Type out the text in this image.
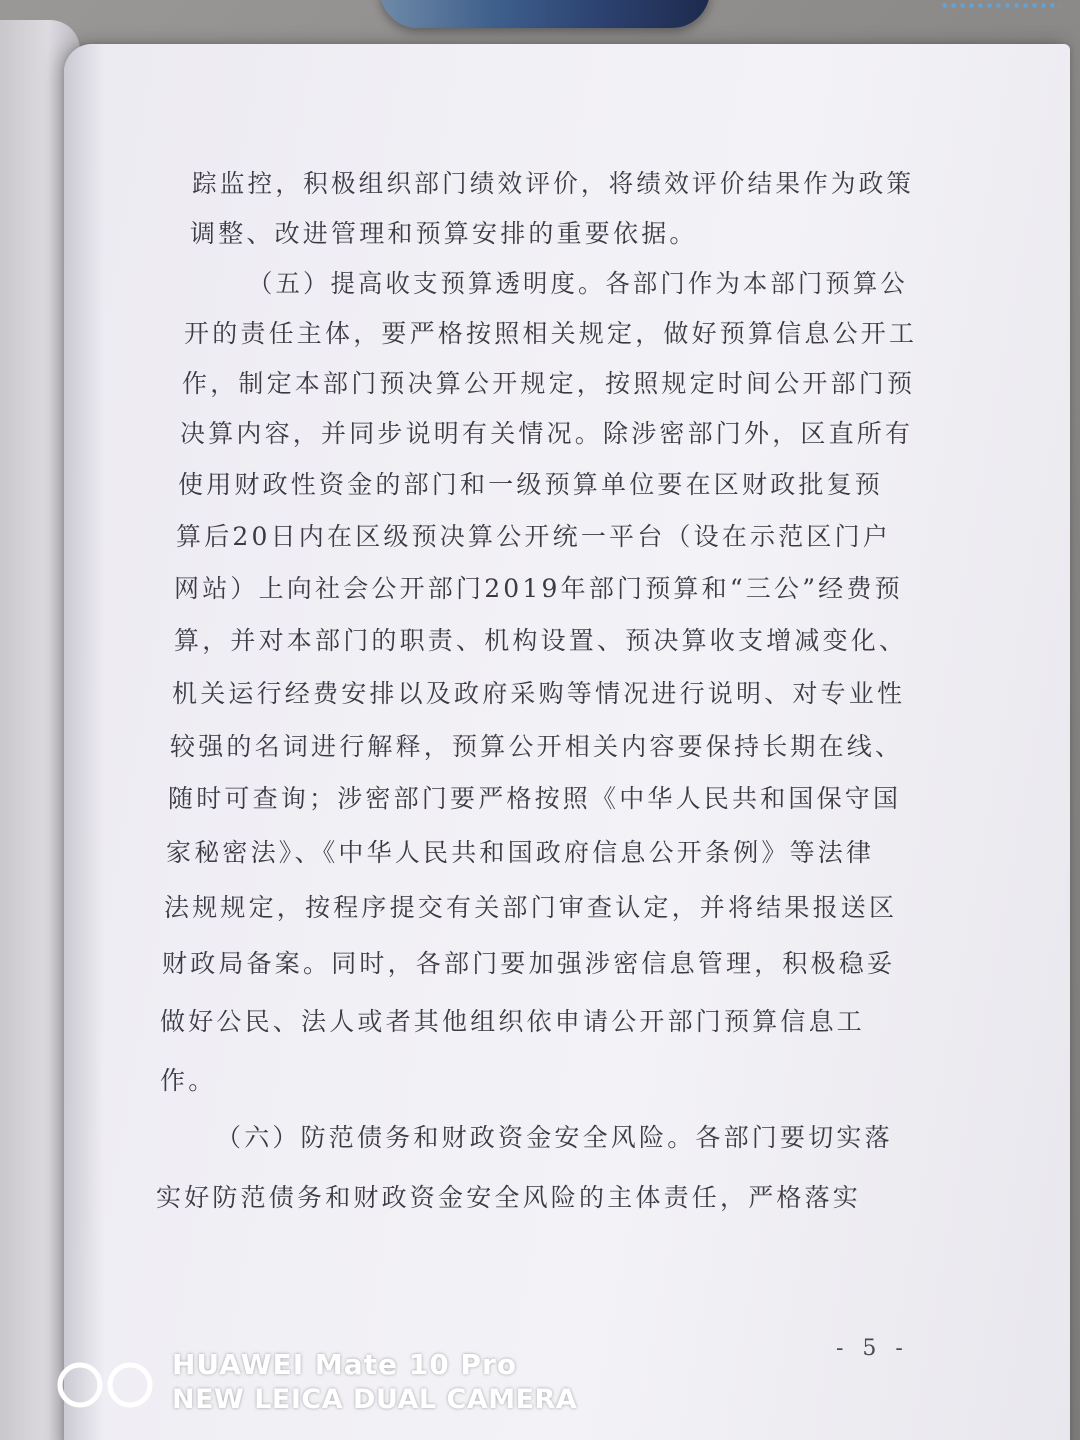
踪监控，积极组织部门绩效评价，将绩效评价结果作为政策
调整、改进管理和预算安排的重要依据。
（五）提高收支预算透明度。各部门作为本部门预算公
开的责任主体，要严格按照相关规定，做好预算信息公开工
作，制定本部门预决算公开规定，按照规定时间公开部门预
决算内容，并同步说明有关情况。除涉密部门外，区直所有
使用财政性资金的部门和一级预算单位要在区财政批复预
算后20日内在区级预决算公开统一平台（设在示范区门户
网站）上向社会公开部门2019年部门预算和“三公”经费预
算，并对本部门的职责、机构设置、预决算收支增减变化、
机关运行经费安排以及政府采购等情况进行说明、对专业性
较强的名词进行解释，预算公开相关内容要保持长期在线、
随时可查询；涉密部门要严格按照《中华人民共和国保守国
家秘密法》、《中华人民共和国政府信息公开条例》等法律
法规规定，按程序提交有关部门审查认定，并将结果报送区
财政局备案。同时，各部门要加强涉密信息管理，积极稳妥
做好公民、法人或者其他组织依申请公开部门预算信息工
作。
（六）防范债务和财政资金安全风险。各部门要切实落
实好防范债务和财政资金安全风险的主体责任，严格落实
- 5 -
HUAWEI Mate 10 Pro
NEW LEICA DUAL CAMERA
